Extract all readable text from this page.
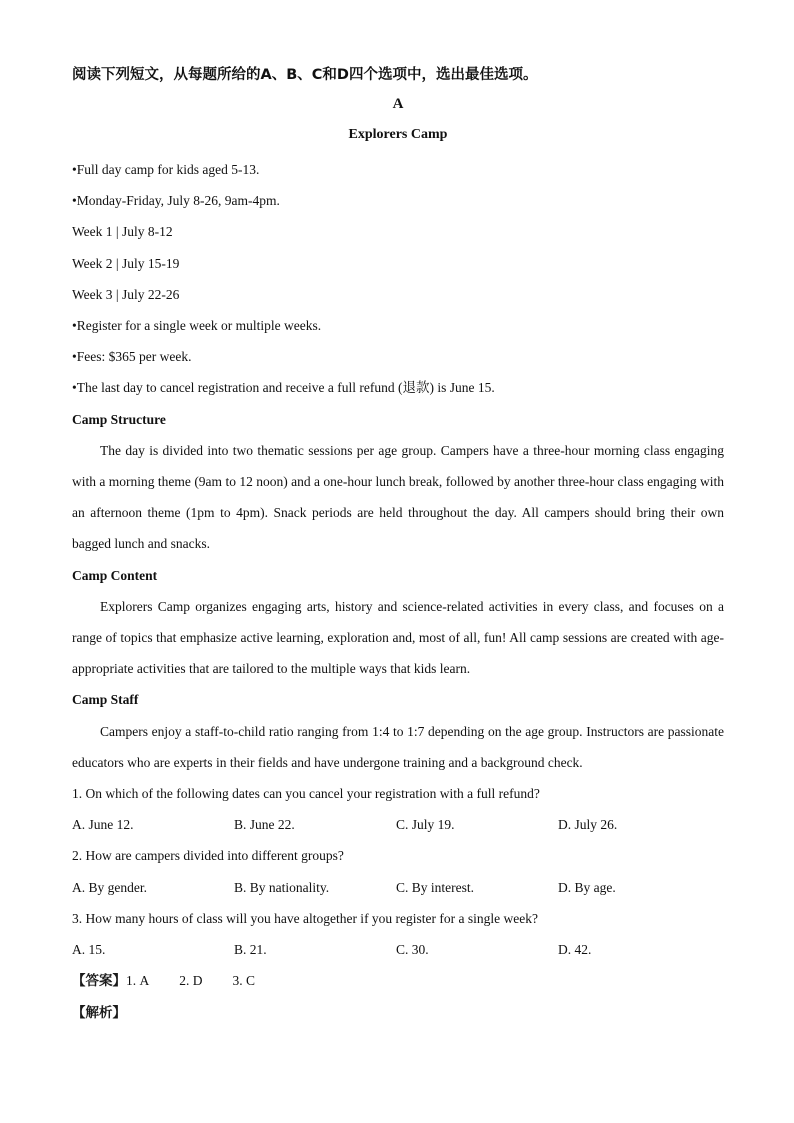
阅读下列短文，从每题所给的A、B、C和D四个选项中，选出最佳选项。
A
Explorers Camp
•Full day camp for kids aged 5-13.
•Monday-Friday, July 8-26, 9am-4pm.
Week 1 | July 8-12
Week 2 | July 15-19
Week 3 | July 22-26
•Register for a single week or multiple weeks.
•Fees: $365 per week.
•The last day to cancel registration and receive a full refund (退款) is June 15.
Camp Structure
The day is divided into two thematic sessions per age group. Campers have a three-hour morning class engaging with a morning theme (9am to 12 noon) and a one-hour lunch break, followed by another three-hour class engaging with an afternoon theme (1pm to 4pm). Snack periods are held throughout the day. All campers should bring their own bagged lunch and snacks.
Camp Content
Explorers Camp organizes engaging arts, history and science-related activities in every class, and focuses on a range of topics that emphasize active learning, exploration and, most of all, fun! All camp sessions are created with age-appropriate activities that are tailored to the multiple ways that kids learn.
Camp Staff
Campers enjoy a staff-to-child ratio ranging from 1:4 to 1:7 depending on the age group. Instructors are passionate educators who are experts in their fields and have undergone training and a background check.
1. On which of the following dates can you cancel your registration with a full refund?
A. June 12.	B. June 22.	C. July 19.	D. July 26.
2. How are campers divided into different groups?
A. By gender.	B. By nationality.	C. By interest.	D. By age.
3. How many hours of class will you have altogether if you register for a single week?
A. 15.	B. 21.	C. 30.	D. 42.
【答案】1. A 2. D 3. C
【解析】
